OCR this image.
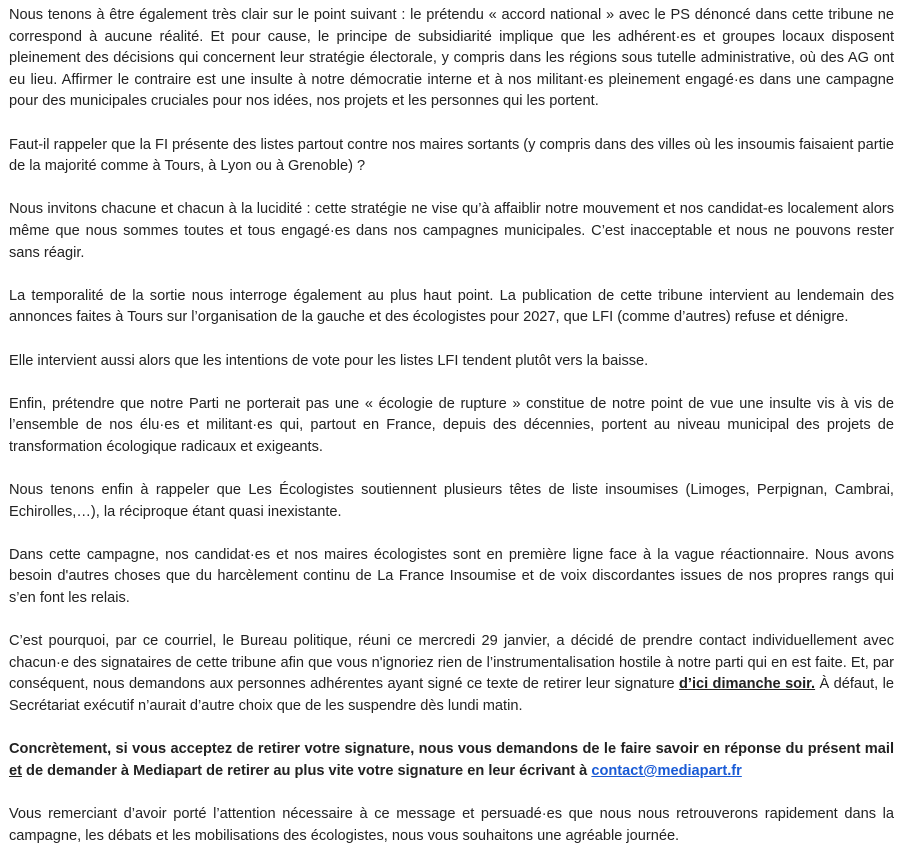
Nous tenons à être également très clair sur le point suivant : le prétendu « accord national » avec le PS dénoncé dans cette tribune ne correspond à aucune réalité. Et pour cause, le principe de subsidiarité implique que les adhérent·es et groupes locaux disposent pleinement des décisions qui concernent leur stratégie électorale, y compris dans les régions sous tutelle administrative, où des AG ont eu lieu. Affirmer le contraire est une insulte à notre démocratie interne et à nos militant·es pleinement engagé·es dans une campagne pour des municipales cruciales pour nos idées, nos projets et les personnes qui les portent.

Faut-il rappeler que la FI présente des listes partout contre nos maires sortants (y compris dans des villes où les insoumis faisaient partie de la majorité comme à Tours, à Lyon ou à Grenoble) ?

Nous invitons chacune et chacun à la lucidité : cette stratégie ne vise qu’à affaiblir notre mouvement et nos candidat-es localement alors même que nous sommes toutes et tous engagé·es dans nos campagnes municipales. C’est inacceptable et nous ne pouvons rester sans réagir.

La temporalité de la sortie nous interroge également au plus haut point. La publication de cette tribune intervient au lendemain des annonces faites à Tours sur l’organisation de la gauche et des écologistes pour 2027, que LFI (comme d’autres) refuse et dénigre.

Elle intervient aussi alors que les intentions de vote pour les listes LFI tendent plutôt vers la baisse.

Enfin, prétendre que notre Parti ne porterait pas une « écologie de rupture » constitue de notre point de vue une insulte vis à vis de l’ensemble de nos élu·es et militant·es qui, partout en France, depuis des décennies, portent au niveau municipal des projets de transformation écologique radicaux et exigeants.

Nous tenons enfin à rappeler que Les Écologistes soutiennent plusieurs têtes de liste insoumises (Limoges, Perpignan, Cambrai, Echirolles,…), la réciproque étant quasi inexistante.

Dans cette campagne, nos candidat·es et nos maires écologistes sont en première ligne face à la vague réactionnaire. Nous avons besoin d'autres choses que du harcèlement continu de La France Insoumise et de voix discordantes issues de nos propres rangs qui s’en font les relais.

C’est pourquoi, par ce courriel, le Bureau politique, réuni ce mercredi 29 janvier, a décidé de prendre contact individuellement avec chacun·e des signataires de cette tribune afin que vous n'ignoriez rien de l’instrumentalisation hostile à notre parti qui en est faite. Et, par conséquent, nous demandons aux personnes adhérentes ayant signé ce texte de retirer leur signature d’ici dimanche soir. À défaut, le Secrétariat exécutif n’aurait d’autre choix que de les suspendre dès lundi matin.

Concrètement, si vous acceptez de retirer votre signature, nous vous demandons de le faire savoir en réponse du présent mail et de demander à Mediapart de retirer au plus vite votre signature en leur écrivant à contact@mediapart.fr

Vous remerciant d’avoir porté l’attention nécessaire à ce message et persuadé·es que nous nous retrouverons rapidement dans la campagne, les débats et les mobilisations des écologistes, nous vous souhaitons une agréable journée.
